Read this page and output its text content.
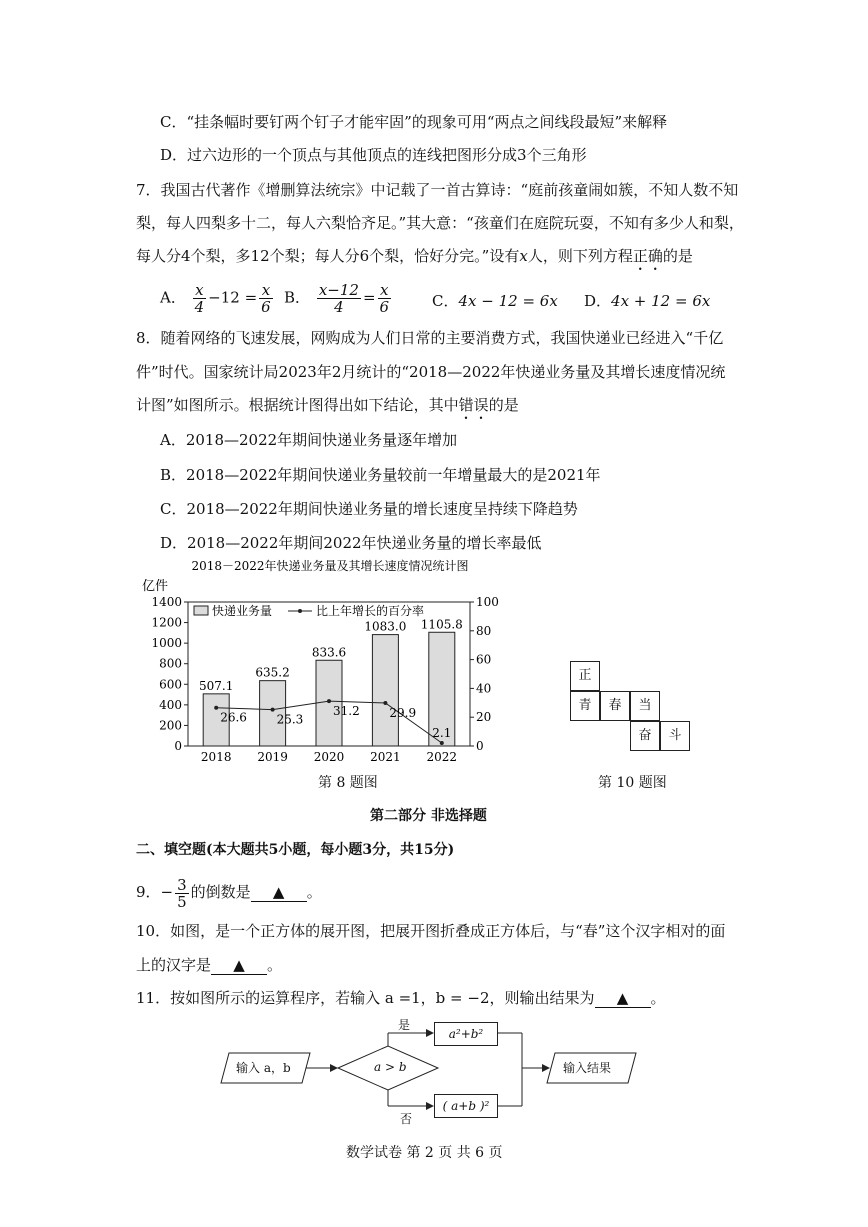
C．“挂条幅时要钉两个钉子才能牢固”的现象可用“两点之间线段最短”来解释
D．过六边形的一个顶点与其他顶点的连线把图形分成3个三角形
7．我国古代著作《增删算法统宗》中记载了一首古算诗：“庭前孩童闹如簇，不知人数不知
梨，每人四梨多十二，每人六梨恰齐足。”其大意：“孩童们在庭院玩耍，不知有多少人和梨，
每人分4个梨，多12个梨；每人分6个梨，恰好分完。”设有x人，则下列方程正确的是
A． $\frac{x}{4} -12 = \frac{x}{6}$ B． $\frac{x-12}{4} = \frac{x}{6}$	C．4x − 12 = 6x D．4x + 12 = 6x
8．随着网络的飞速发展，网购成为人们日常的主要消费方式，我国快递业已经进入“千亿
件”时代。国家统计局2023年2月统计的“2018—2022年快递业务量及其增长速度情况统
计图”如图所示。根据统计图得出如下结论，其中错误的是
A．2018—2022年期间快递业务量逐年增加
B．2018—2022年期间快递业务量较前一年增量最大的是2021年
C．2018—2022年期间快递业务量的增长速度呈持续下降趋势
D．2018—2022年期间2022年快递业务量的增长率最低
2018－2022年快递业务量及其增长速度情况统计图
亿件
0
200
400
600
800
1000
1200
1400
0
20
40
60
80
100
507.1
2018
635.2
2019
833.6
2020
1083.0
2021
1105.8
2022
26.6 25.3
31.2 29.9
2.1
快递业务量	比上年增长的百分率
第 8 题图
正
青	春	当
奋	斗
第 10 题图
第二部分 非选择题
二、填空题(本大题共5小题，每小题3分，共15分)
9．− $\frac{3}{5}$ 的倒数是 ▲ 。
10．如图，是一个正方体的展开图，把展开图折叠成正方体后，与“春”这个汉字相对的面
上的汉字是 ▲ 。
11．按如图所示的运算程序，若输入 a =1，b = −2，则输出结果为 ▲ 。
输入 a，b	a > b
是
否
a²+b²
( a+b )²
输入结果
数学试卷 第 2 页 共 6 页
